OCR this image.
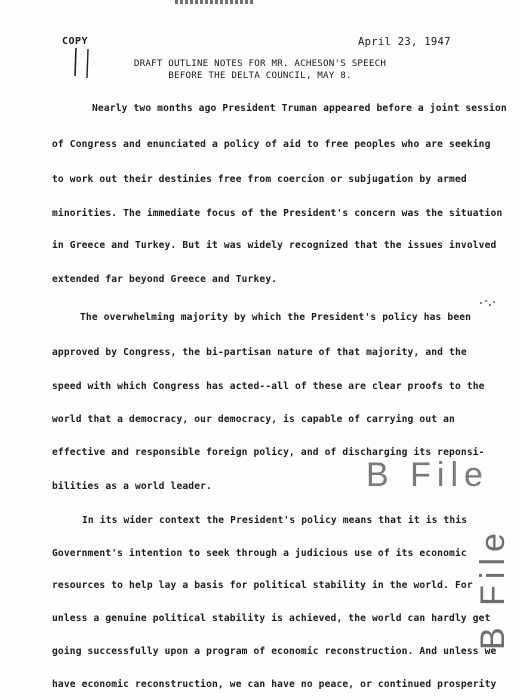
COPY	April 23, 1947
DRAFT OUTLINE NOTES FOR MR. ACHESON'S SPEECH
BEFORE THE DELTA COUNCIL, MAY 8.
Nearly two months ago President Truman appeared before a joint session
of Congress and enunciated a policy of aid to free peoples who are seeking
to work out their destinies free from coercion or subjugation by armed
minorities. The immediate focus of the President's concern was the situation
in Greece and Turkey. But it was widely recognized that the issues involved
extended far beyond Greece and Turkey.
The overwhelming majority by which the President's policy has been
approved by Congress, the bi-partisan nature of that majority, and the
speed with which Congress has acted--all of these are clear proofs to the
world that a democracy, our democracy, is capable of carrying out an
effective and responsible foreign policy, and of discharging its reponsi-
bilities as a world leader.
In its wider context the President's policy means that it is this
Government's intention to seek through a judicious use of its economic
resources to help lay a basis for political stability in the world. For
unless a genuine political stability is achieved, the world can hardly get
going successfully upon a program of economic reconstruction. And unless we
have economic reconstruction, we can have no peace, or continued prosperity
B File
B File
